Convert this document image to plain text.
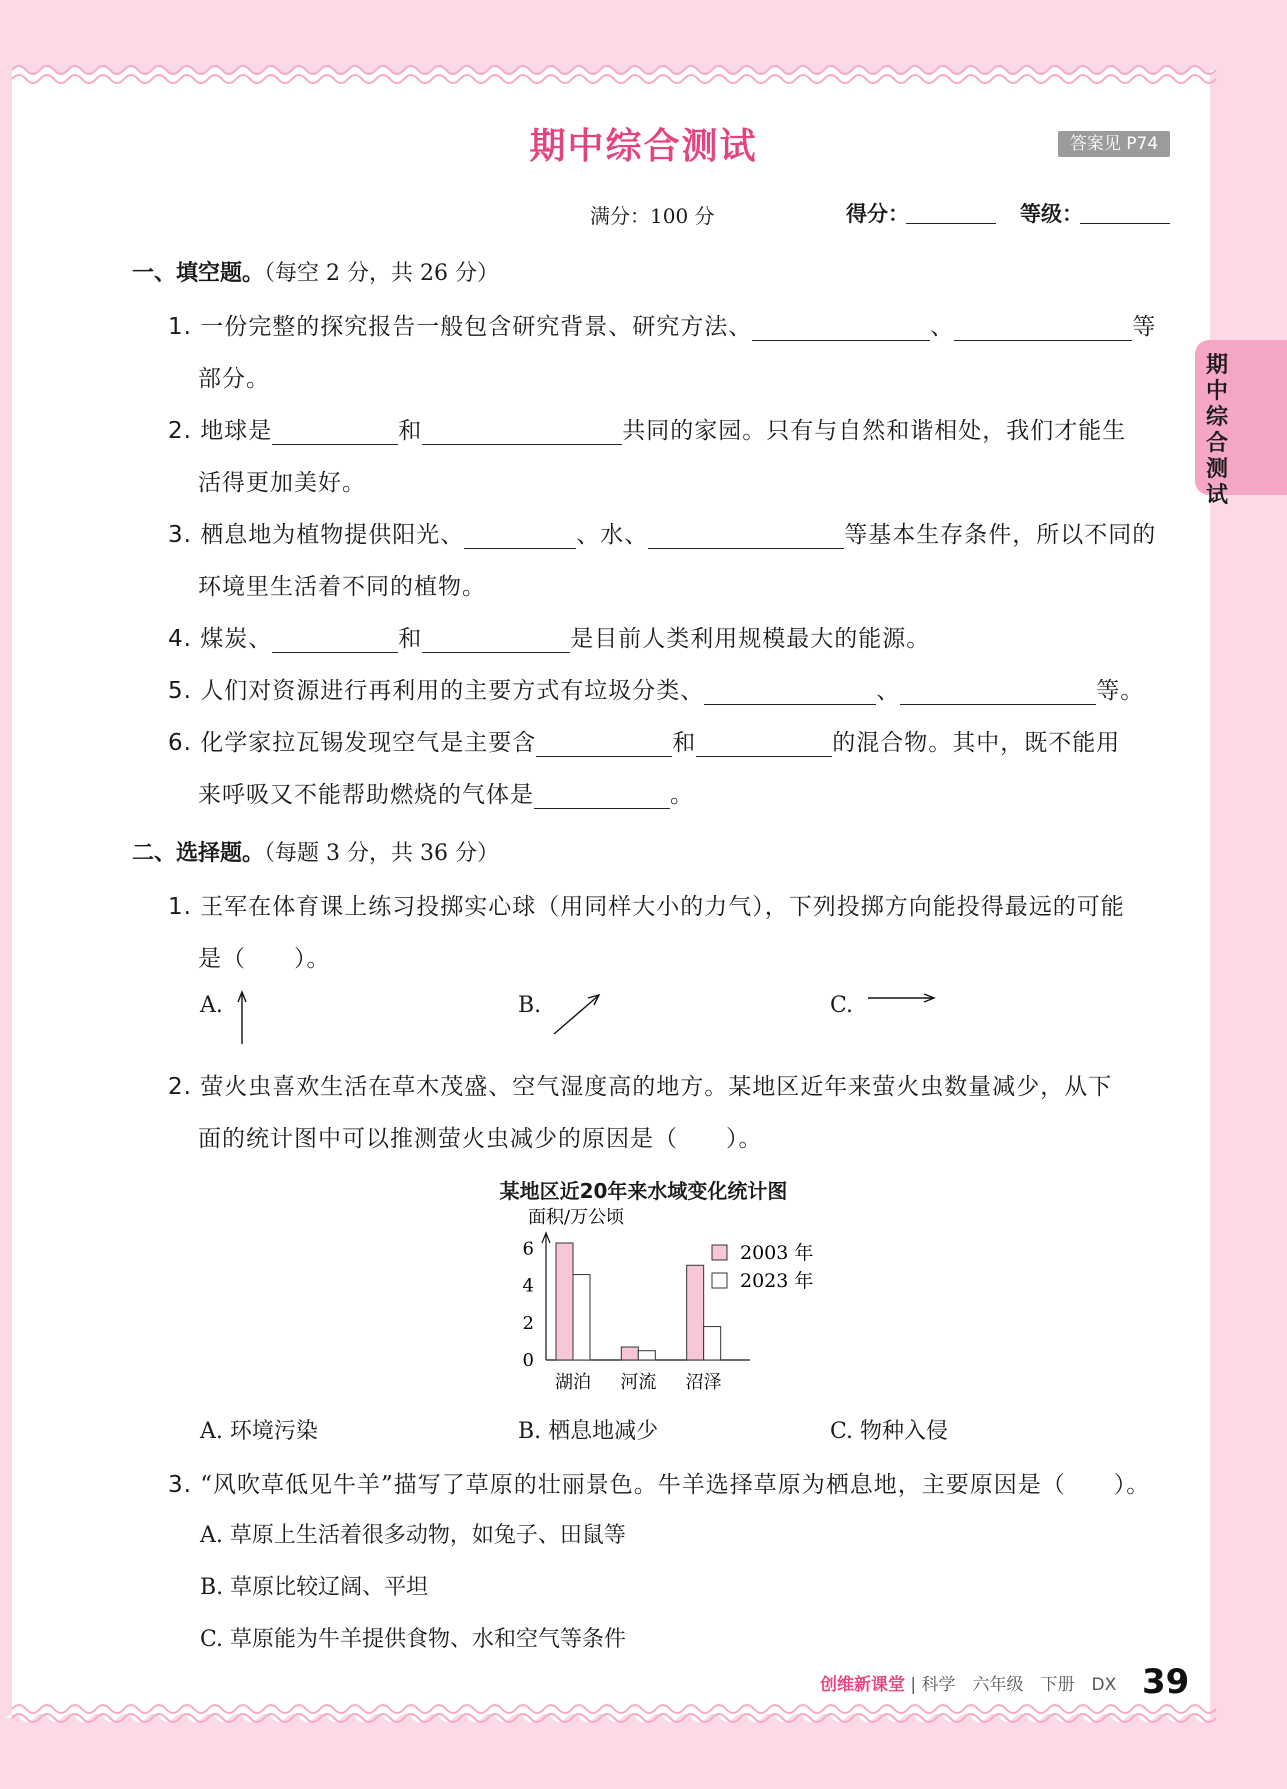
期中综合测试	答案见 P74
满分：100 分	得分：	等级：
一、填空题。（每空 2 分，共 26 分）
1. 一份完整的探究报告一般包含研究背景、研究方法、	、	等
部分。
2. 地球是	和	共同的家园。只有与自然和谐相处，我们才能生
活得更加美好。
3. 栖息地为植物提供阳光、	、水、	等基本生存条件，所以不同的
环境里生活着不同的植物。
4. 煤炭、	和	是目前人类利用规模最大的能源。
5. 人们对资源进行再利用的主要方式有垃圾分类、	、	等。
6. 化学家拉瓦锡发现空气是主要含	和	的混合物。其中，既不能用
来呼吸又不能帮助燃烧的气体是	。
二、选择题。（每题 3 分，共 36 分）
1. 王军在体育课上练习投掷实心球（用同样大小的力气），下列投掷方向能投得最远的可能
是（　　）。
A.	B.	C.
2. 萤火虫喜欢生活在草木茂盛、空气湿度高的地方。某地区近年来萤火虫数量减少，从下
面的统计图中可以推测萤火虫减少的原因是（　　）。
某地区近20年来水域变化统计图
面积/万公顷
0
2
4
6
湖泊 河流 沼泽
2003 年
2023 年
A. 环境污染	B. 栖息地减少	C. 物种入侵
3. “风吹草低见牛羊”描写了草原的壮丽景色。牛羊选择草原为栖息地，主要原因是（　　）。
A. 草原上生活着很多动物，如兔子、田鼠等
B. 草原比较辽阔、平坦
C. 草原能为牛羊提供食物、水和空气等条件
期中综合测试
创维新课堂 | 科学　六年级　下册　DX 39
